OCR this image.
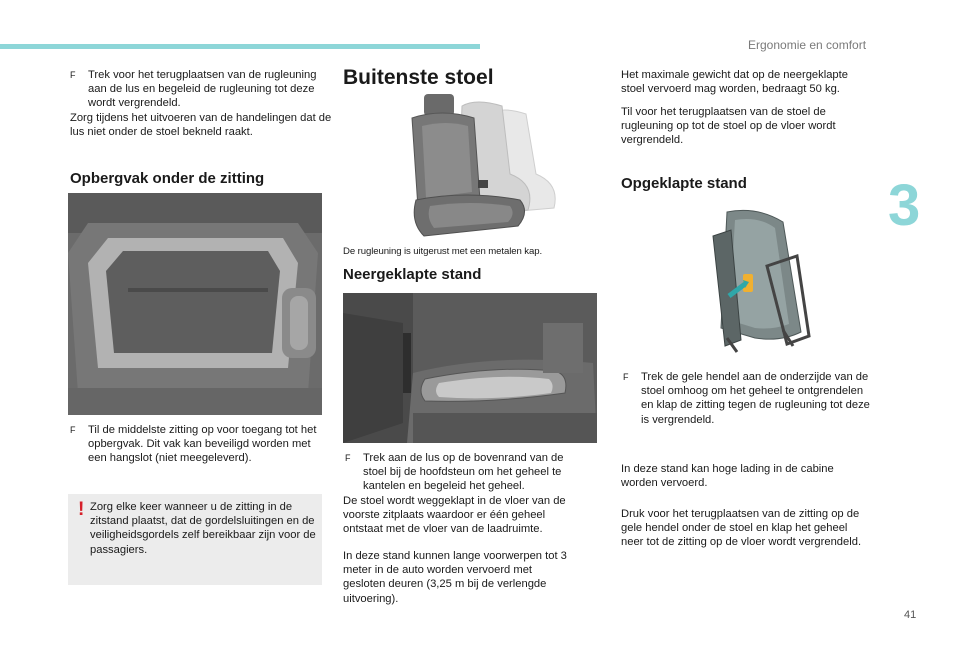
Ergonomie en comfort
3
F	Trek voor het terugplaatsen van de rugleuning aan de lus en begeleid de rugleuning tot deze wordt vergrendeld.
Zorg tijdens het uitvoeren van de handelingen dat de lus niet onder de stoel bekneld raakt.
Opbergvak onder de zitting
F	Til de middelste zitting op voor toegang tot het opbergvak. Dit vak kan beveiligd worden met een hangslot (niet meegeleverd).
! Zorg elke keer wanneer u de zitting in de zitstand plaatst, dat de gordelsluitingen en de veiligheidsgordels zelf bereikbaar zijn voor de passagiers.
Buitenste stoel
De rugleuning is uitgerust met een metalen kap.
Neergeklapte stand
F	Trek aan de lus op de bovenrand van de stoel bij de hoofdsteun om het geheel te kantelen en begeleid het geheel.
De stoel wordt weggeklapt in de vloer van de voorste zitplaats waardoor er één geheel ontstaat met de vloer van de laadruimte.
In deze stand kunnen lange voorwerpen tot 3 meter in de auto worden vervoerd met gesloten deuren (3,25 m bij de verlengde uitvoering).
Het maximale gewicht dat op de neergeklapte stoel vervoerd mag worden, bedraagt 50 kg.
Til voor het terugplaatsen van de stoel de rugleuning op tot de stoel op de vloer wordt vergrendeld.
Opgeklapte stand
F	Trek de gele hendel aan de onderzijde van de stoel omhoog om het geheel te ontgrendelen en klap de zitting tegen de rugleuning tot deze is vergrendeld.
In deze stand kan hoge lading in de cabine worden vervoerd.
Druk voor het terugplaatsen van de zitting op de gele hendel onder de stoel en klap het geheel neer tot de zitting op de vloer wordt vergrendeld.
41
